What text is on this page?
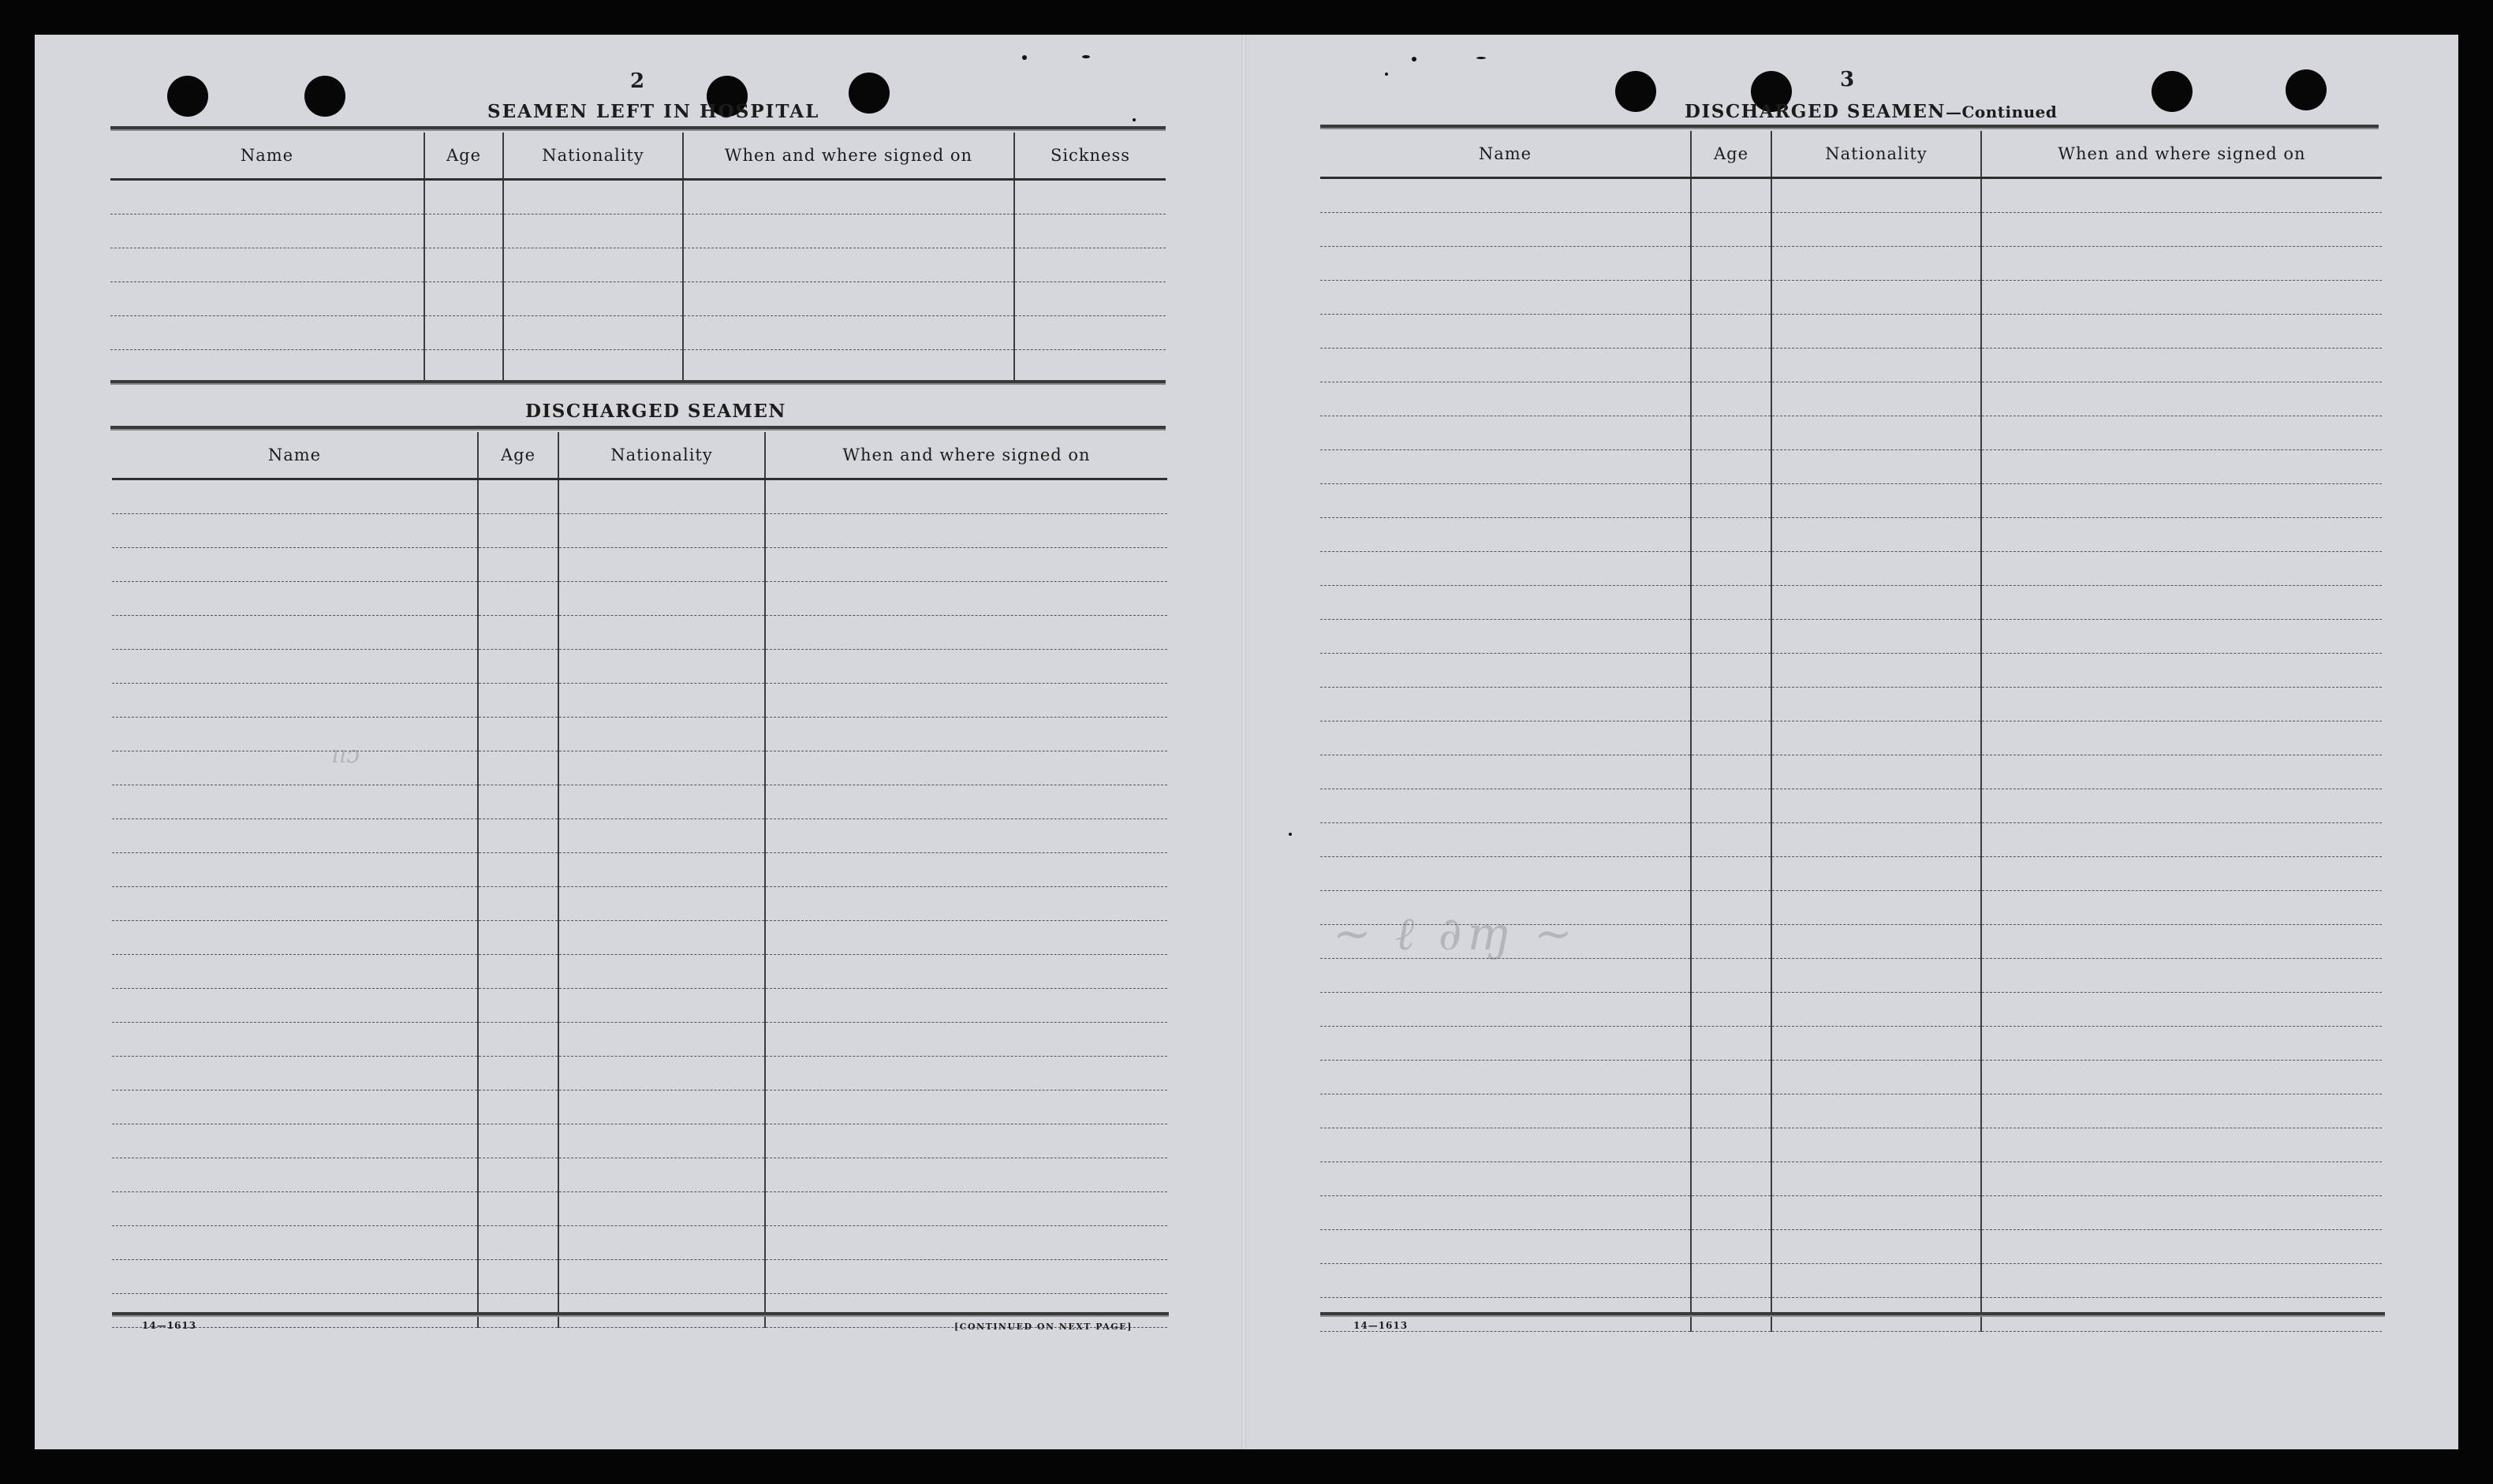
ııɔ
~ ℓ ∂ɱ ~
2
SEAMEN LEFT IN HOSPITAL
Name	Age	Nationality	When and where signed on	Sickness

DISCHARGED SEAMEN
Name	Age	Nationality	When and where signed on

14—1613	[CONTINUED ON NEXT PAGE]
3
DISCHARGED SEAMEN—Continued
Name	Age	Nationality	When and where signed on

14—1613
